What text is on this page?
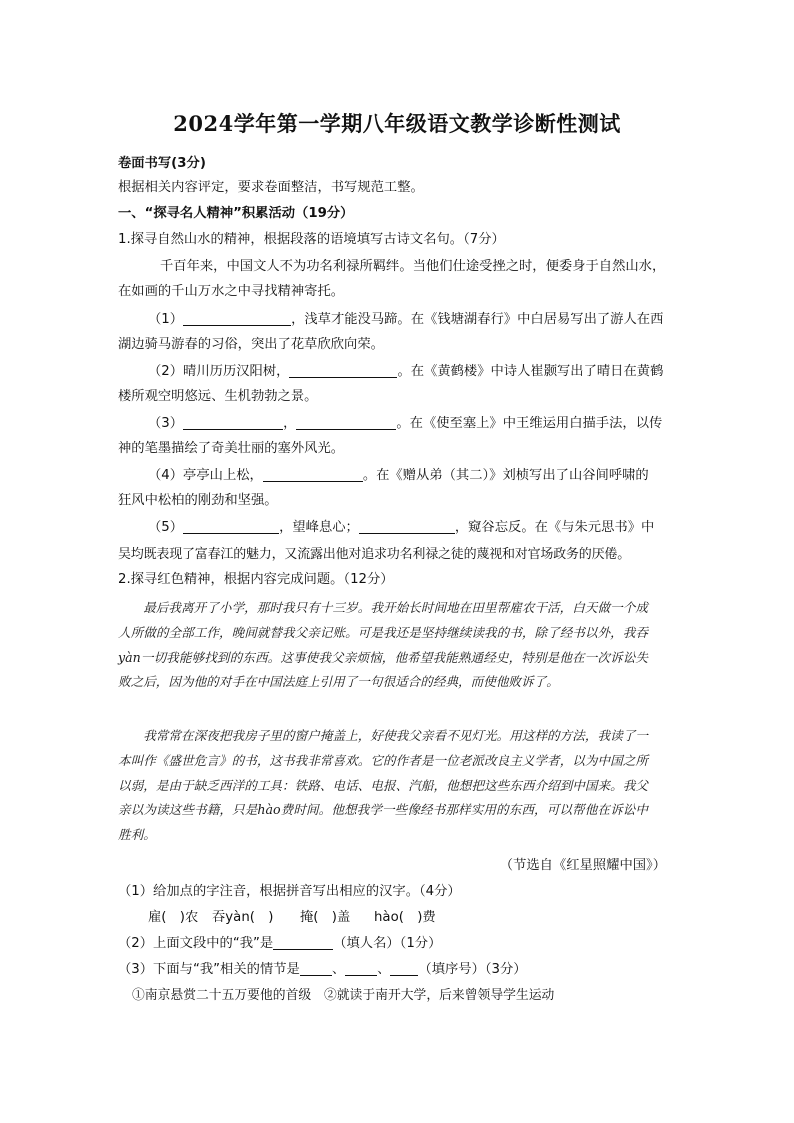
2024学年第一学期八年级语文教学诊断性测试
卷面书写(3分)
根据相关内容评定，要求卷面整洁，书写规范工整。
一、“探寻名人精神”积累活动（19分）
1.探寻自然山水的精神，根据段落的语境填写古诗文名句。（7分）
千百年来，中国文人不为功名利禄所羁绊。当他们仕途受挫之时，便委身于自然山水，
在如画的千山万水之中寻找精神寄托。
（1）	，浅草才能没马蹄。在《钱塘湖春行》中白居易写出了游人在西
湖边骑马游春的习俗，突出了花草欣欣向荣。
（2）晴川历历汉阳树，	。在《黄鹤楼》中诗人崔颢写出了晴日在黄鹤
楼所观空明悠远、生机勃勃之景。
（3）	，	。在《使至塞上》中王维运用白描手法，以传
神的笔墨描绘了奇美壮丽的塞外风光。
（4）亭亭山上松，	。在《赠从弟（其二）》刘桢写出了山谷间呼啸的
狂风中松柏的刚劲和坚强。
（5）	，望峰息心；	，窥谷忘反。在《与朱元思书》中
吴均既表现了富春江的魅力，又流露出他对追求功名利禄之徒的蔑视和对官场政务的厌倦。
2.探寻红色精神，根据内容完成问题。（12分）
最后我离开了小学，那时我只有十三岁。我开始长时间地在田里帮雇农干活，白天做一个成人所做的全部工作，晚间就替我父亲记账。可是我还是坚持继续读我的书，除了经书以外，我吞yàn一切我能够找到的东西。这事使我父亲烦恼，他希望我能熟通经史，特别是他在一次诉讼失败之后，因为他的对手在中国法庭上引用了一句很适合的经典，而使他败诉了。
我常常在深夜把我房子里的窗户掩盖上，好使我父亲看不见灯光。用这样的方法，我读了一本叫作《盛世危言》的书，这书我非常喜欢。它的作者是一位老派改良主义学者，以为中国之所以弱，是由于缺乏西洋的工具：铁路、电话、电报、汽船，他想把这些东西介绍到中国来。我父亲以为读这些书籍，只是hào费时间。他想我学一些像经书那样实用的东西，可以帮他在诉讼中胜利。
（节选自《红星照耀中国》）
（1）给加点的字注音，根据拼音写出相应的汉字。（4分）
雇(　)农 吞yàn(　) 掩(　)盖 hào(　)费
（2）上面文段中的“我”是	（填人名）（1分）
（3）下面与“我”相关的情节是 、 、 （填序号）（3分）
①南京悬赏二十五万要他的首级　②就读于南开大学，后来曾领导学生运动
